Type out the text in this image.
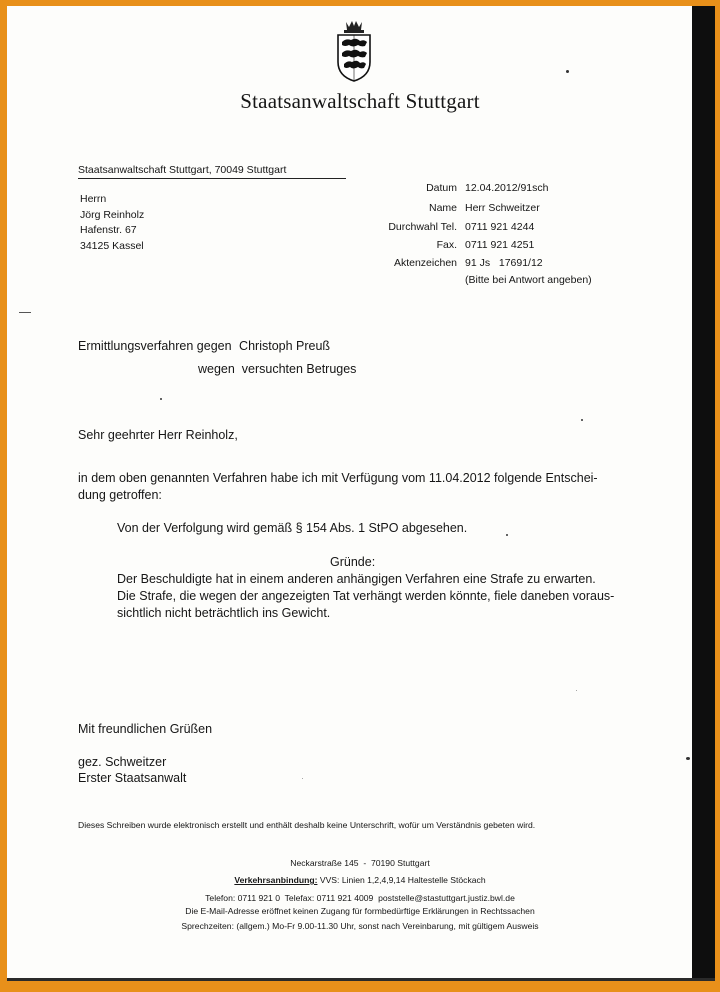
Staatsanwaltschaft Stuttgart
Staatsanwaltschaft Stuttgart, 70049 Stuttgart
Herrn
Jörg Reinholz
Hafenstr. 67
34125 Kassel
Datum 12.04.2012/91sch
Name Herr Schweitzer
Durchwahl Tel. 0711 921 4244
Fax. 0711 921 4251
Aktenzeichen 91 Js   17691/12
(Bitte bei Antwort angeben)
Ermittlungsverfahren gegen Christoph Preuß
wegen  versuchten Betruges
Sehr geehrter Herr Reinholz,
in dem oben genannten Verfahren habe ich mit Verfügung vom 11.04.2012 folgende Entschei-
dung getroffen:
Von der Verfolgung wird gemäß § 154 Abs. 1 StPO abgesehen.
Gründe:
Der Beschuldigte hat in einem anderen anhängigen Verfahren eine Strafe zu erwarten.
Die Strafe, die wegen der angezeigten Tat verhängt werden könnte, fiele daneben voraus-
sichtlich nicht beträchtlich ins Gewicht.
Mit freundlichen Grüßen
gez. Schweitzer
Erster Staatsanwalt
Dieses Schreiben wurde elektronisch erstellt und enthält deshalb keine Unterschrift, wofür um Verständnis gebeten wird.
Neckarstraße 145  -  70190 Stuttgart
Verkehrsanbindung: VVS: Linien 1,2,4,9,14 Haltestelle Stöckach
Telefon: 0711 921 0  Telefax: 0711 921 4009  poststelle@stastuttgart.justiz.bwl.de
Die E-Mail-Adresse eröffnet keinen Zugang für formbedürftige Erklärungen in Rechtssachen
Sprechzeiten: (allgem.) Mo-Fr 9.00-11.30 Uhr, sonst nach Vereinbarung, mit gültigem Ausweis
